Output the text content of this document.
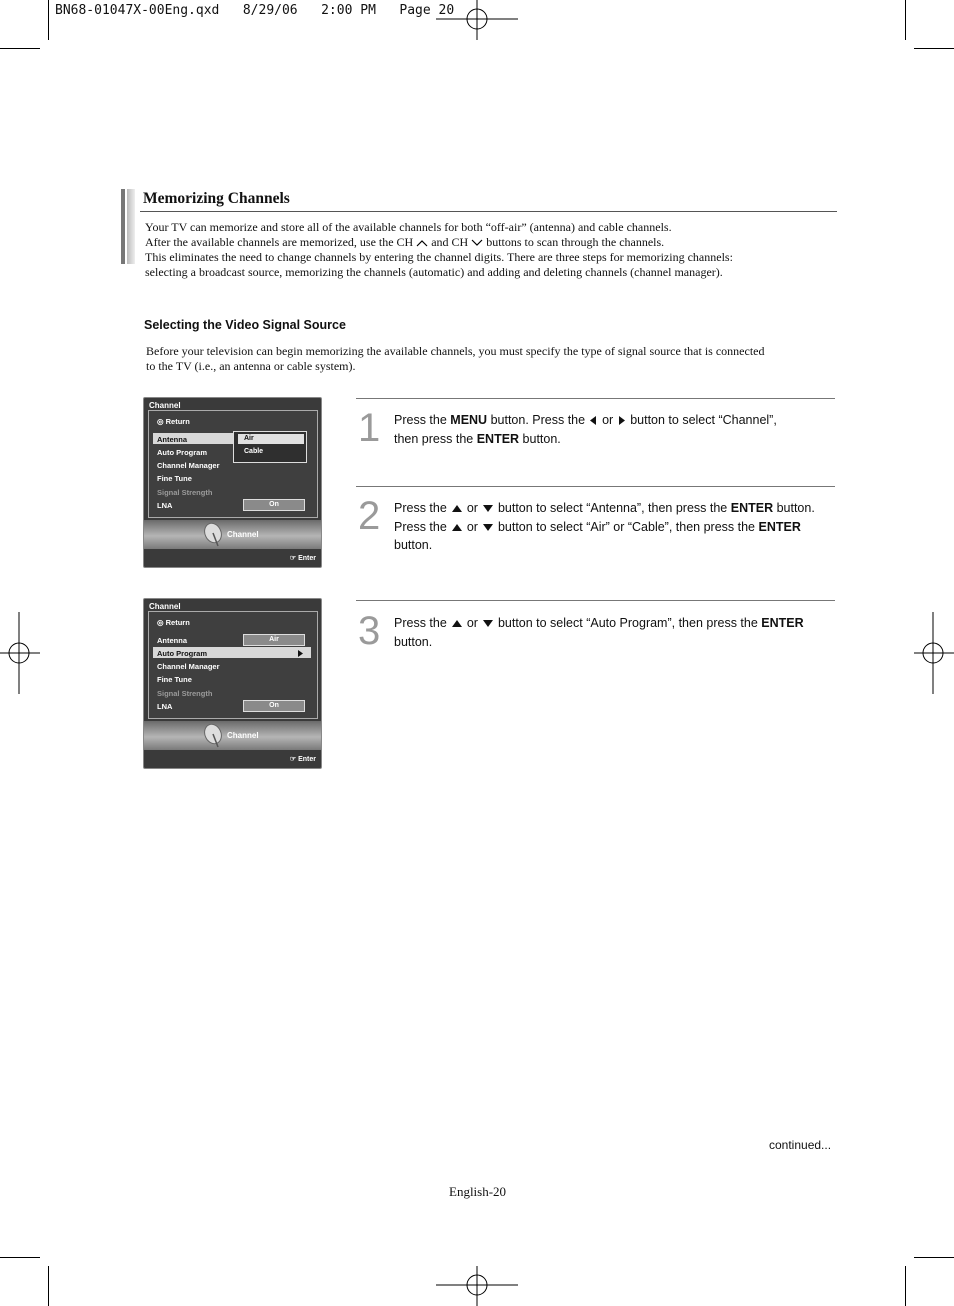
BN68-01047X-00Eng.qxd   8/29/06   2:00 PM   Page 20
Memorizing Channels

Your TV can memorize and store all of the available channels for both “off-air” (antenna) and cable channels.

After the available channels are memorized, use the CH and CH buttons to scan through the channels.

This eliminates the need to change channels by entering the channel digits. There are three steps for memorizing channels:

selecting a broadcast source, memorizing the channels (automatic) and adding and deleting channels (channel manager).

Selecting the Video Signal Source
Before your television can begin memorizing the available channels, you must specify the type of signal source that is connected
to the TV (i.e., an antenna or cable system).
1 Press the MENU button. Press the or button to select “Channel”,
then press the ENTER button.
2 Press the or button to select “Antenna”, then press the ENTER button.
Press the or button to select “Air” or “Cable”, then press the ENTER
button.
3 Press the or button to select “Auto Program”, then press the ENTER
button.
Channel
◎ Return
Antenna
Auto Program
Channel Manager
Fine Tune
Signal Strength
LNA	On
Air
Cable
Channel
☞ Enter
Channel
◎ Return
Antenna	Air
Auto Program
Channel Manager
Fine Tune
Signal Strength
LNA	On
Channel
☞ Enter
continued...
English-20
